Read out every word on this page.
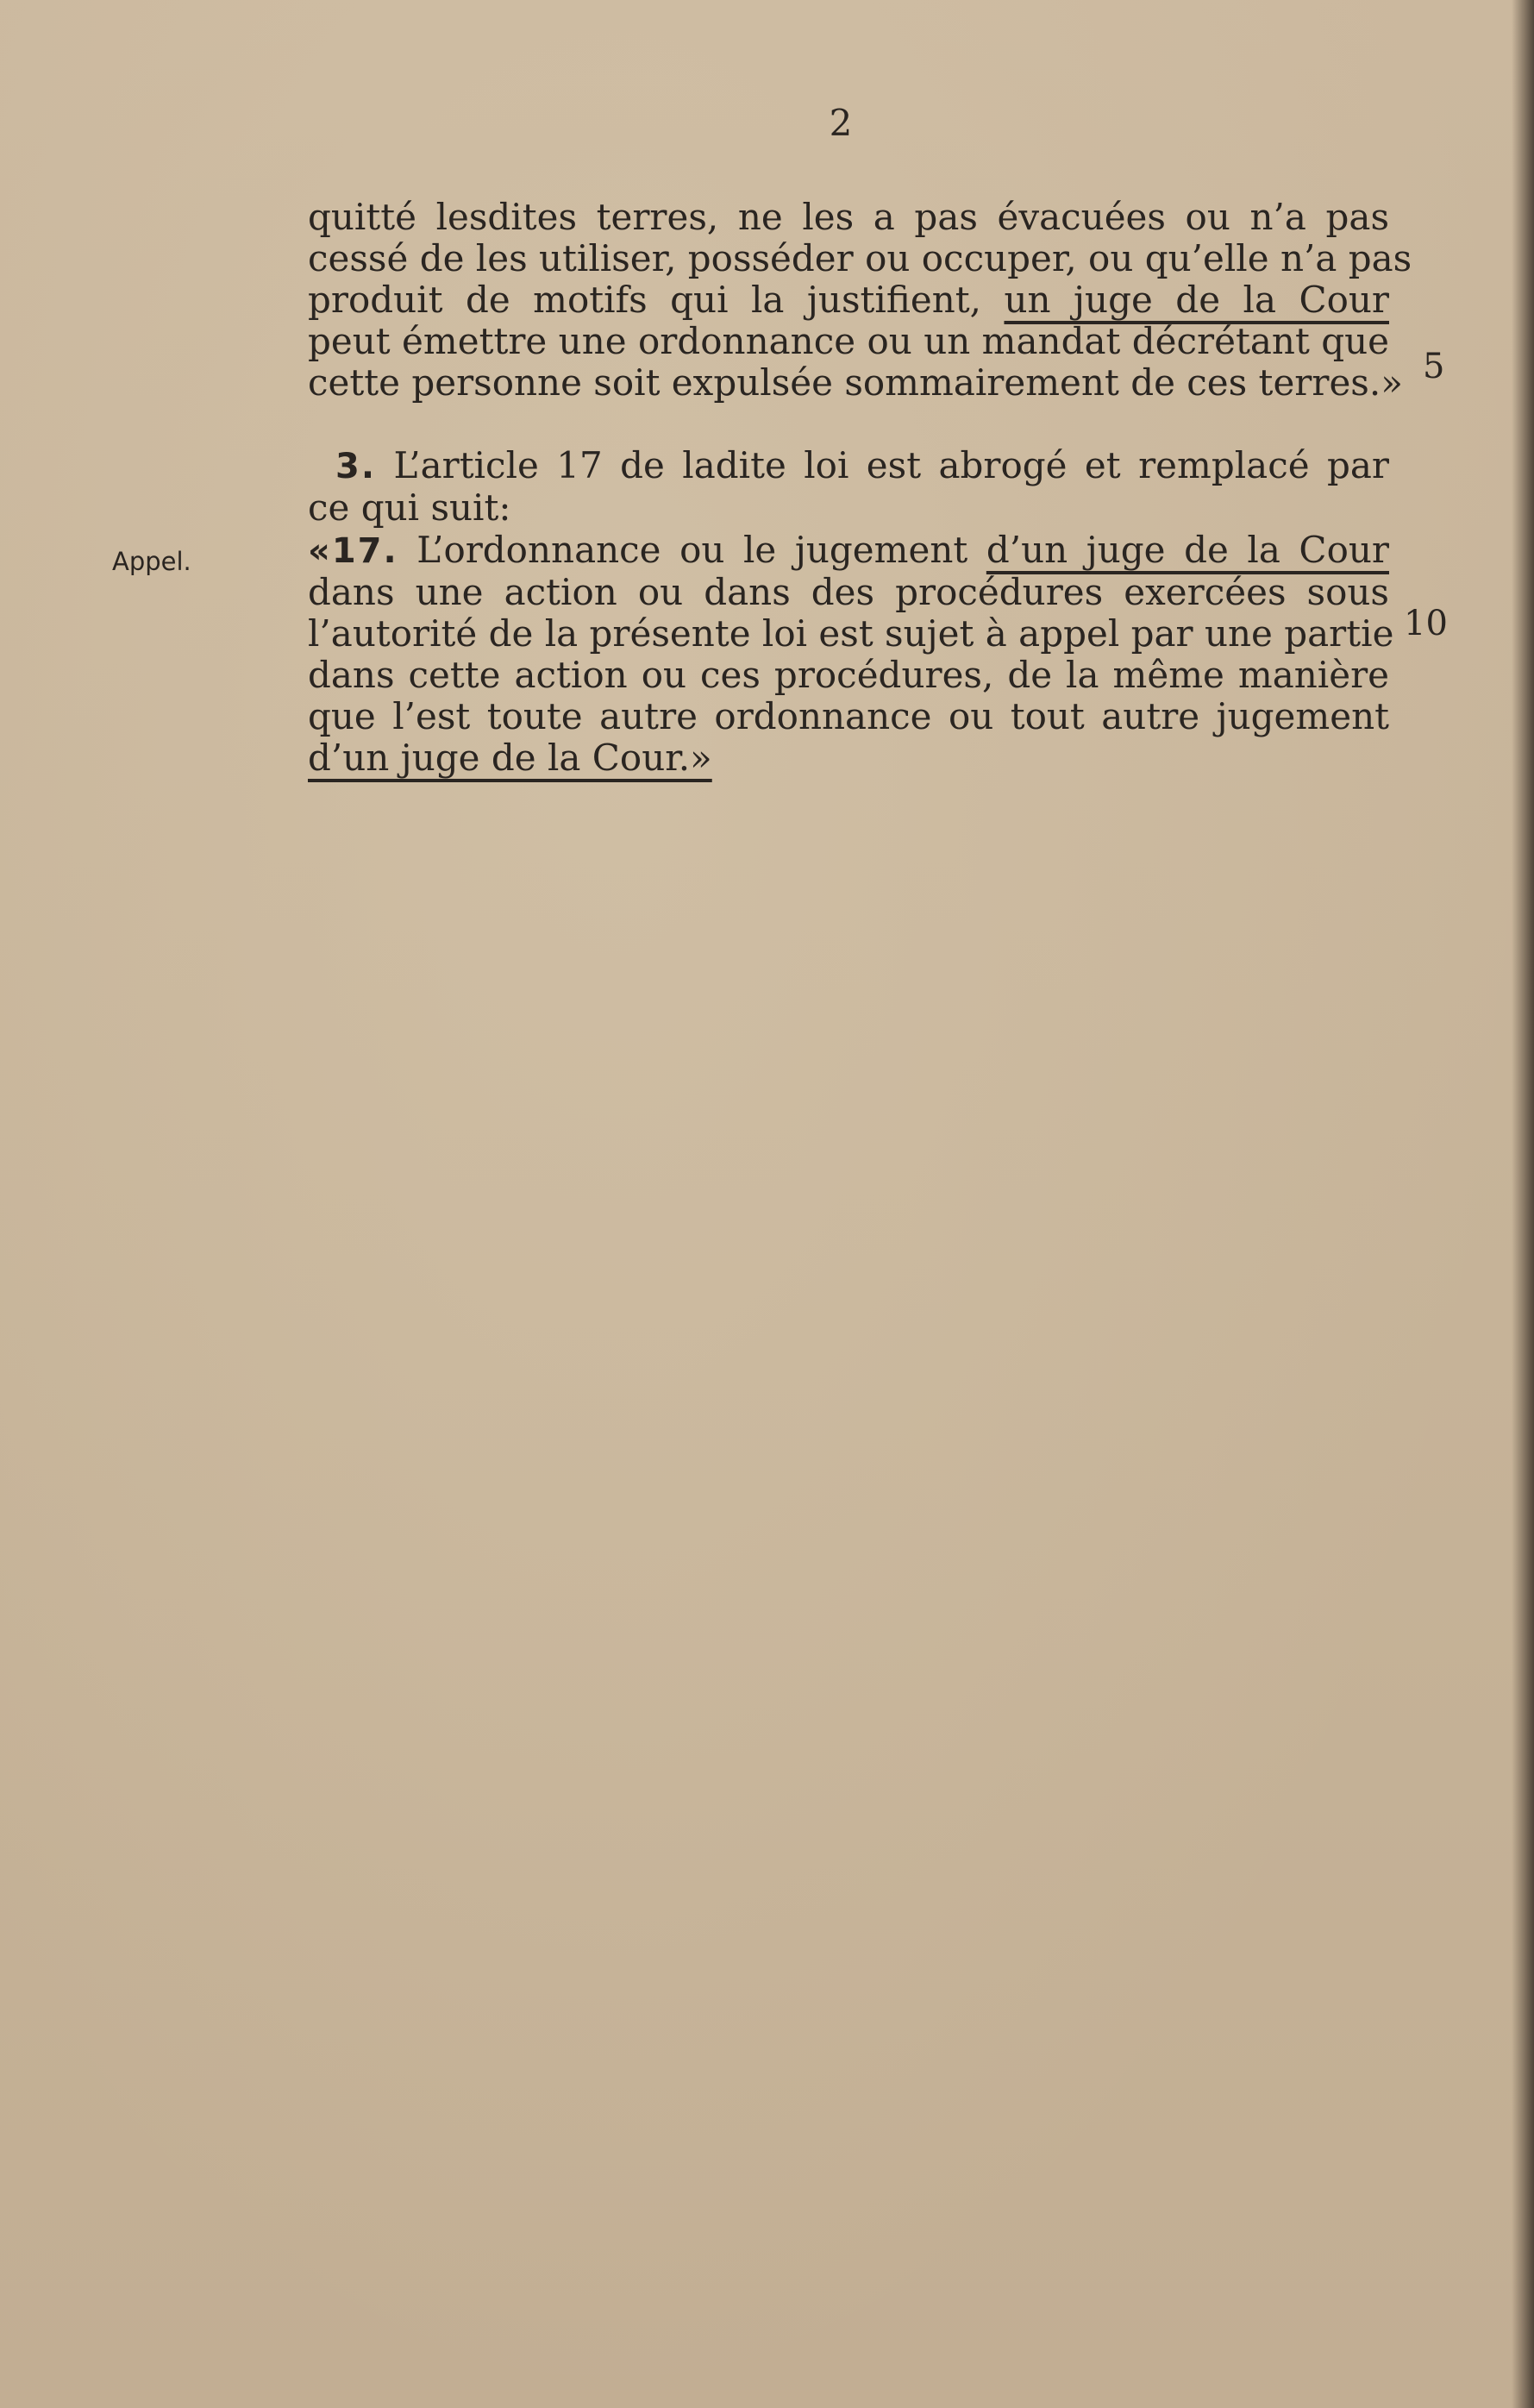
2
Appel.
5
10
quitté lesdites terres, ne les a pas évacuées ou n’a pas
cessé de les utiliser, posséder ou occuper, ou qu’elle n’a pas
produit de motifs qui la justifient, un juge de la Cour
peut émettre une ordonnance ou un mandat décrétant que
cette personne soit expulsée sommairement de ces terres.»
3. L’article 17 de ladite loi est abrogé et remplacé par
ce qui suit:
«17. L’ordonnance ou le jugement d’un juge de la Cour
dans une action ou dans des procédures exercées sous
l’autorité de la présente loi est sujet à appel par une partie
dans cette action ou ces procédures, de la même manière
que l’est toute autre ordonnance ou tout autre jugement
d’un juge de la Cour.»
